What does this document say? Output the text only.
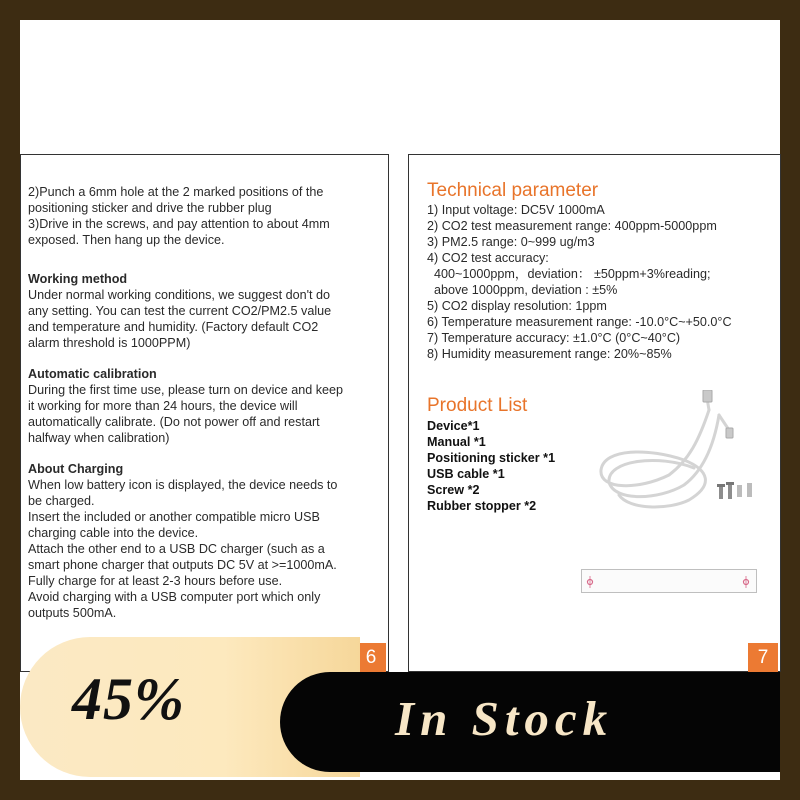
2)Punch a 6mm hole at the 2 marked positions of the
positioning sticker and drive the rubber plug
3)Drive in the screws, and pay attention to about 4mm
exposed. Then hang up the device.
Working method
Under normal working conditions, we suggest don't do
any setting. You can test the current CO2/PM2.5 value
and temperature and humidity. (Factory default CO2
alarm threshold is 1000PPM)
Automatic calibration
During the first time use, please turn on device and keep
it working for more than 24 hours, the device will
automatically calibrate. (Do not power off and restart
halfway when calibration)
About Charging
When low battery icon is displayed, the device needs to
be charged.
Insert the included or another compatible micro USB
charging cable into the device.
Attach the other end to a USB DC charger (such as a
smart phone charger that outputs DC 5V at >=1000mA.
Fully charge for at least 2-3 hours before use.
Avoid charging with a USB computer port which only
outputs 500mA.
6
Technical parameter
1) Input voltage: DC5V 1000mA
2) CO2 test measurement range: 400ppm-5000ppm
3) PM2.5 range: 0~999 ug/m3
4) CO2 test accuracy:
400~1000ppm，deviation： ±50ppm+3%reading;
above 1000ppm, deviation : ±5%
5) CO2 display resolution: 1ppm
6) Temperature measurement range: -10.0°C~+50.0°C
7) Temperature accuracy: ±1.0°C (0°C~40°C)
8) Humidity measurement range: 20%~85%
Product List
Device*1
Manual *1
Positioning sticker *1
USB cable *1
Screw *2
Rubber stopper *2
7
45%	In Stock
